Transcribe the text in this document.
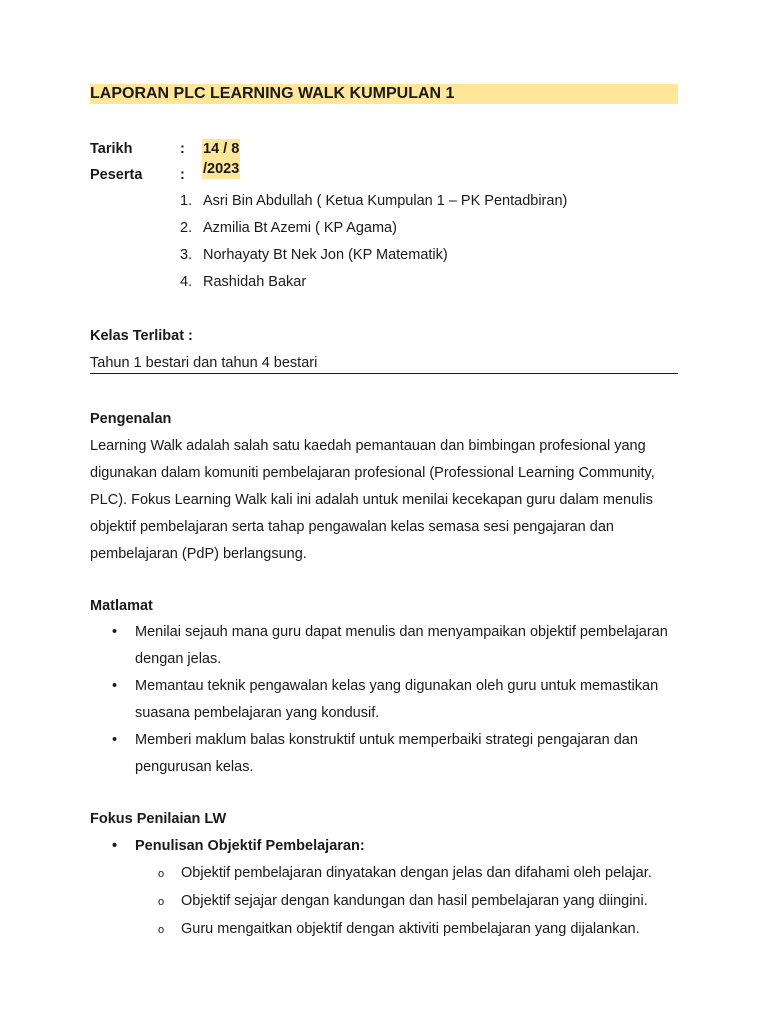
LAPORAN PLC LEARNING WALK KUMPULAN 1
Tarikh	: 14 / 8 /2023
Peserta	:
1. Asri Bin Abdullah ( Ketua Kumpulan 1 – PK Pentadbiran)
2. Azmilia Bt Azemi ( KP Agama)
3. Norhayaty Bt Nek Jon (KP Matematik)
4. Rashidah Bakar
Kelas Terlibat :
Tahun 1 bestari dan tahun 4 bestari
Pengenalan

Learning Walk adalah salah satu kaedah pemantauan dan bimbingan profesional yang digunakan dalam komuniti pembelajaran profesional (Professional Learning Community, PLC). Fokus Learning Walk kali ini adalah untuk menilai kecekapan guru dalam menulis objektif pembelajaran serta tahap pengawalan kelas semasa sesi pengajaran dan pembelajaran (PdP) berlangsung.

Matlamat
• Menilai sejauh mana guru dapat menulis dan menyampaikan objektif pembelajaran dengan jelas.
• Memantau teknik pengawalan kelas yang digunakan oleh guru untuk memastikan suasana pembelajaran yang kondusif.
• Memberi maklum balas konstruktif untuk memperbaiki strategi pengajaran dan pengurusan kelas.
Fokus Penilaian LW
• Penulisan Objektif Pembelajaran:
o Objektif pembelajaran dinyatakan dengan jelas dan difahami oleh pelajar.
o Objektif sejajar dengan kandungan dan hasil pembelajaran yang diingini.
o Guru mengaitkan objektif dengan aktiviti pembelajaran yang dijalankan.
